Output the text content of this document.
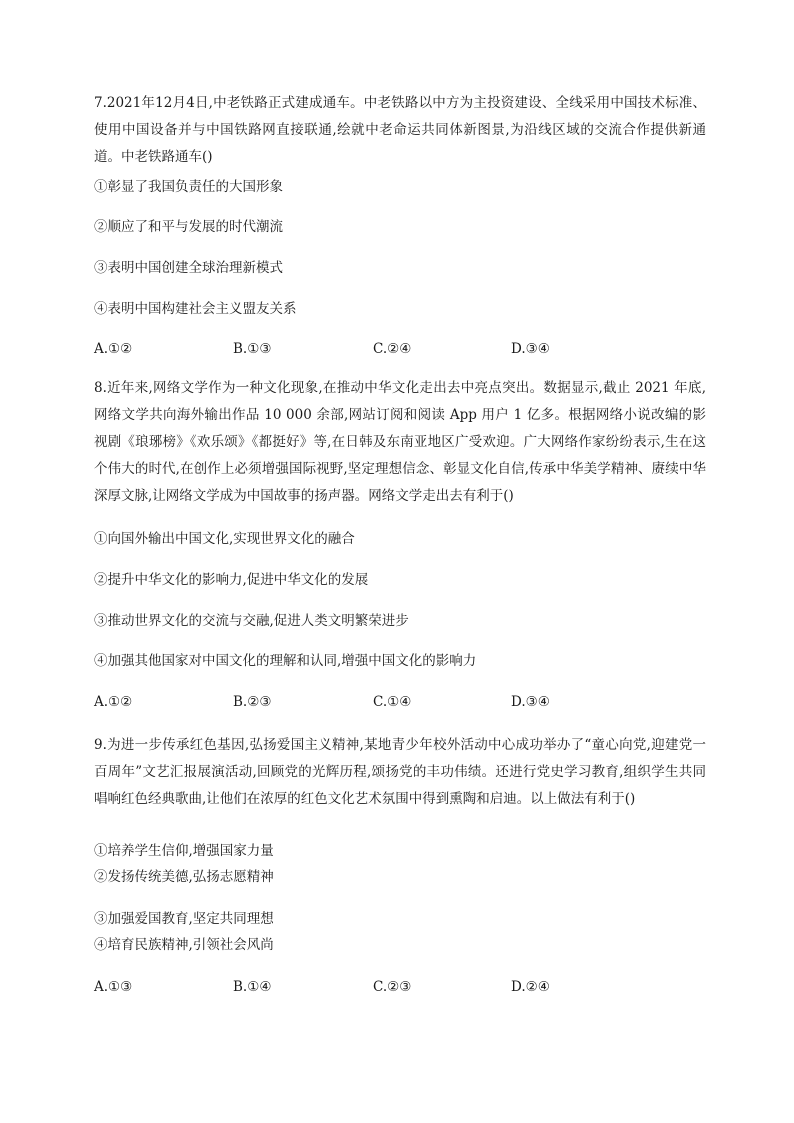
7.2021年12月4日,中老铁路正式建成通车。中老铁路以中方为主投资建设、全线采用中国技术标准、使用中国设备并与中国铁路网直接联通,绘就中老命运共同体新图景,为沿线区域的交流合作提供新通道。中老铁路通车()

①彰显了我国负责任的大国形象
②顺应了和平与发展的时代潮流
③表明中国创建全球治理新模式
④表明中国构建社会主义盟友关系
A.①②	B.①③	C.②④	D.③④

8.近年来,网络文学作为一种文化现象,在推动中华文化走出去中亮点突出。数据显示,截止 2021 年底,网络文学共向海外输出作品 10 000 余部,网站订阅和阅读 App 用户 1 亿多。根据网络小说改编的影视剧《琅琊榜》《欢乐颂》《都挺好》等,在日韩及东南亚地区广受欢迎。广大网络作家纷纷表示,生在这个伟大的时代,在创作上必须增强国际视野,坚定理想信念、彰显文化自信,传承中华美学精神、赓续中华深厚文脉,让网络文学成为中国故事的扬声器。网络文学走出去有利于()

①向国外输出中国文化,实现世界文化的融合
②提升中华文化的影响力,促进中华文化的发展
③推动世界文化的交流与交融,促进人类文明繁荣进步
④加强其他国家对中国文化的理解和认同,增强中国文化的影响力
A.①②	B.②③	C.①④	D.③④

9.为进一步传承红色基因,弘扬爱国主义精神,某地青少年校外活动中心成功举办了“童心向党,迎建党一百周年”文艺汇报展演活动,回顾党的光辉历程,颂扬党的丰功伟绩。还进行党史学习教育,组织学生共同唱响红色经典歌曲,让他们在浓厚的红色文化艺术氛围中得到熏陶和启迪。以上做法有利于()

①培养学生信仰,增强国家力量
②发扬传统美德,弘扬志愿精神
③加强爱国教育,坚定共同理想
④培育民族精神,引领社会风尚
A.①③	B.①④	C.②③	D.②④
